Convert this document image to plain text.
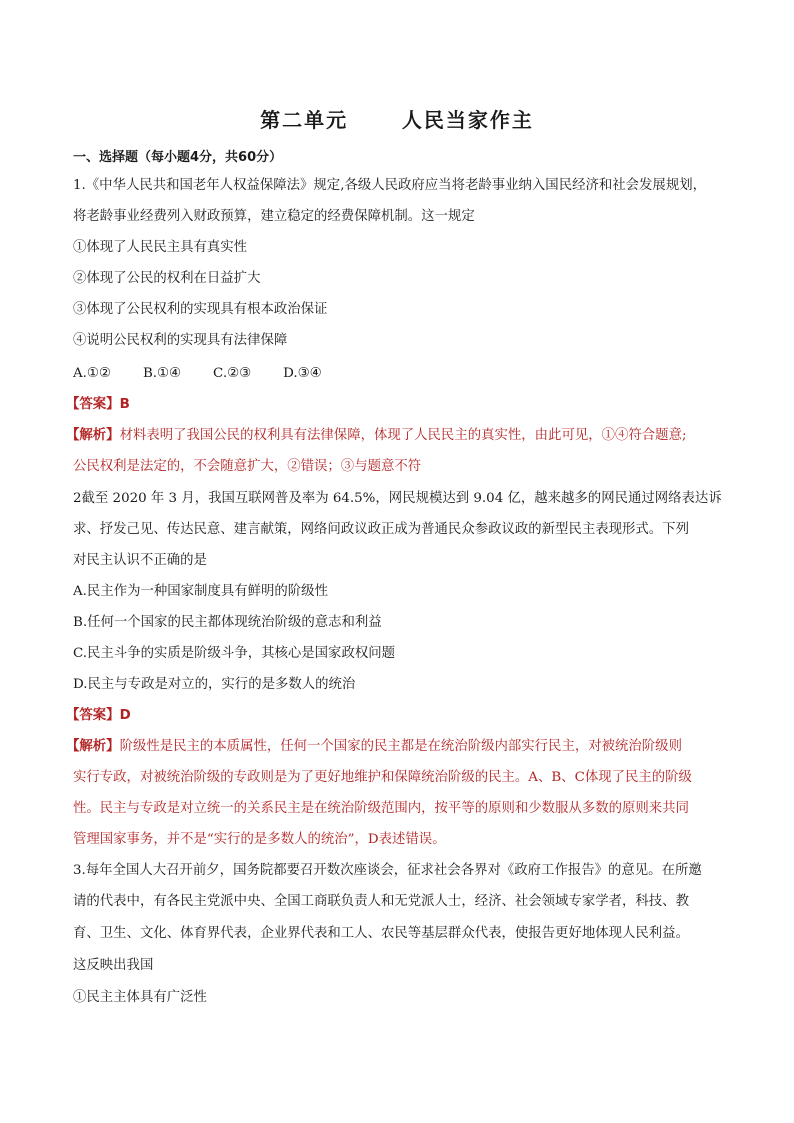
第二单元      人民当家作主
一、选择题（每小题4分，共60分）
1.《中华人民共和国老年人权益保障法》规定,各级人民政府应当将老龄事业纳入国民经济和社会发展规划，
将老龄事业经费列入财政预算，建立稳定的经费保障机制。这一规定
①体现了人民民主具有真实性
②体现了公民的权利在日益扩大
③体现了公民权利的实现具有根本政治保证
④说明公民权利的实现具有法律保障
A.①② B.①④ C.②③ D.③④
【答案】B
【解析】材料表明了我国公民的权利具有法律保障，体现了人民民主的真实性，由此可见，①④符合题意;
公民权利是法定的，不会随意扩大，②错误；③与题意不符
2截至 2020 年 3 月，我国互联网普及率为 64.5%，网民规模达到 9.04 亿，越来越多的网民通过网络表达诉
求、抒发己见、传达民意、建言献策，网络问政议政正成为普通民众参政议政的新型民主表现形式。下列
对民主认识不正确的是
A.民主作为一种国家制度具有鲜明的阶级性
B.任何一个国家的民主都体现统治阶级的意志和利益
C.民主斗争的实质是阶级斗争，其核心是国家政权问题
D.民主与专政是对立的，实行的是多数人的统治
【答案】D
【解析】阶级性是民主的本质属性，任何一个国家的民主都是在统治阶级内部实行民主，对被统治阶级则
实行专政，对被统治阶级的专政则是为了更好地维护和保障统治阶级的民主。A、B、C体现了民主的阶级
性。民主与专政是对立统一的关系民主是在统治阶级范围内，按平等的原则和少数服从多数的原则来共同
管理国家事务，并不是“实行的是多数人的统治”，D表述错误。
3.每年全国人大召开前夕，国务院都要召开数次座谈会，征求社会各界对《政府工作报告》的意见。在所邀
请的代表中，有各民主党派中央、全国工商联负责人和无党派人士，经济、社会领域专家学者，科技、教
育、卫生、文化、体育界代表，企业界代表和工人、农民等基层群众代表，使报告更好地体现人民利益。
这反映出我国
①民主主体具有广泛性
